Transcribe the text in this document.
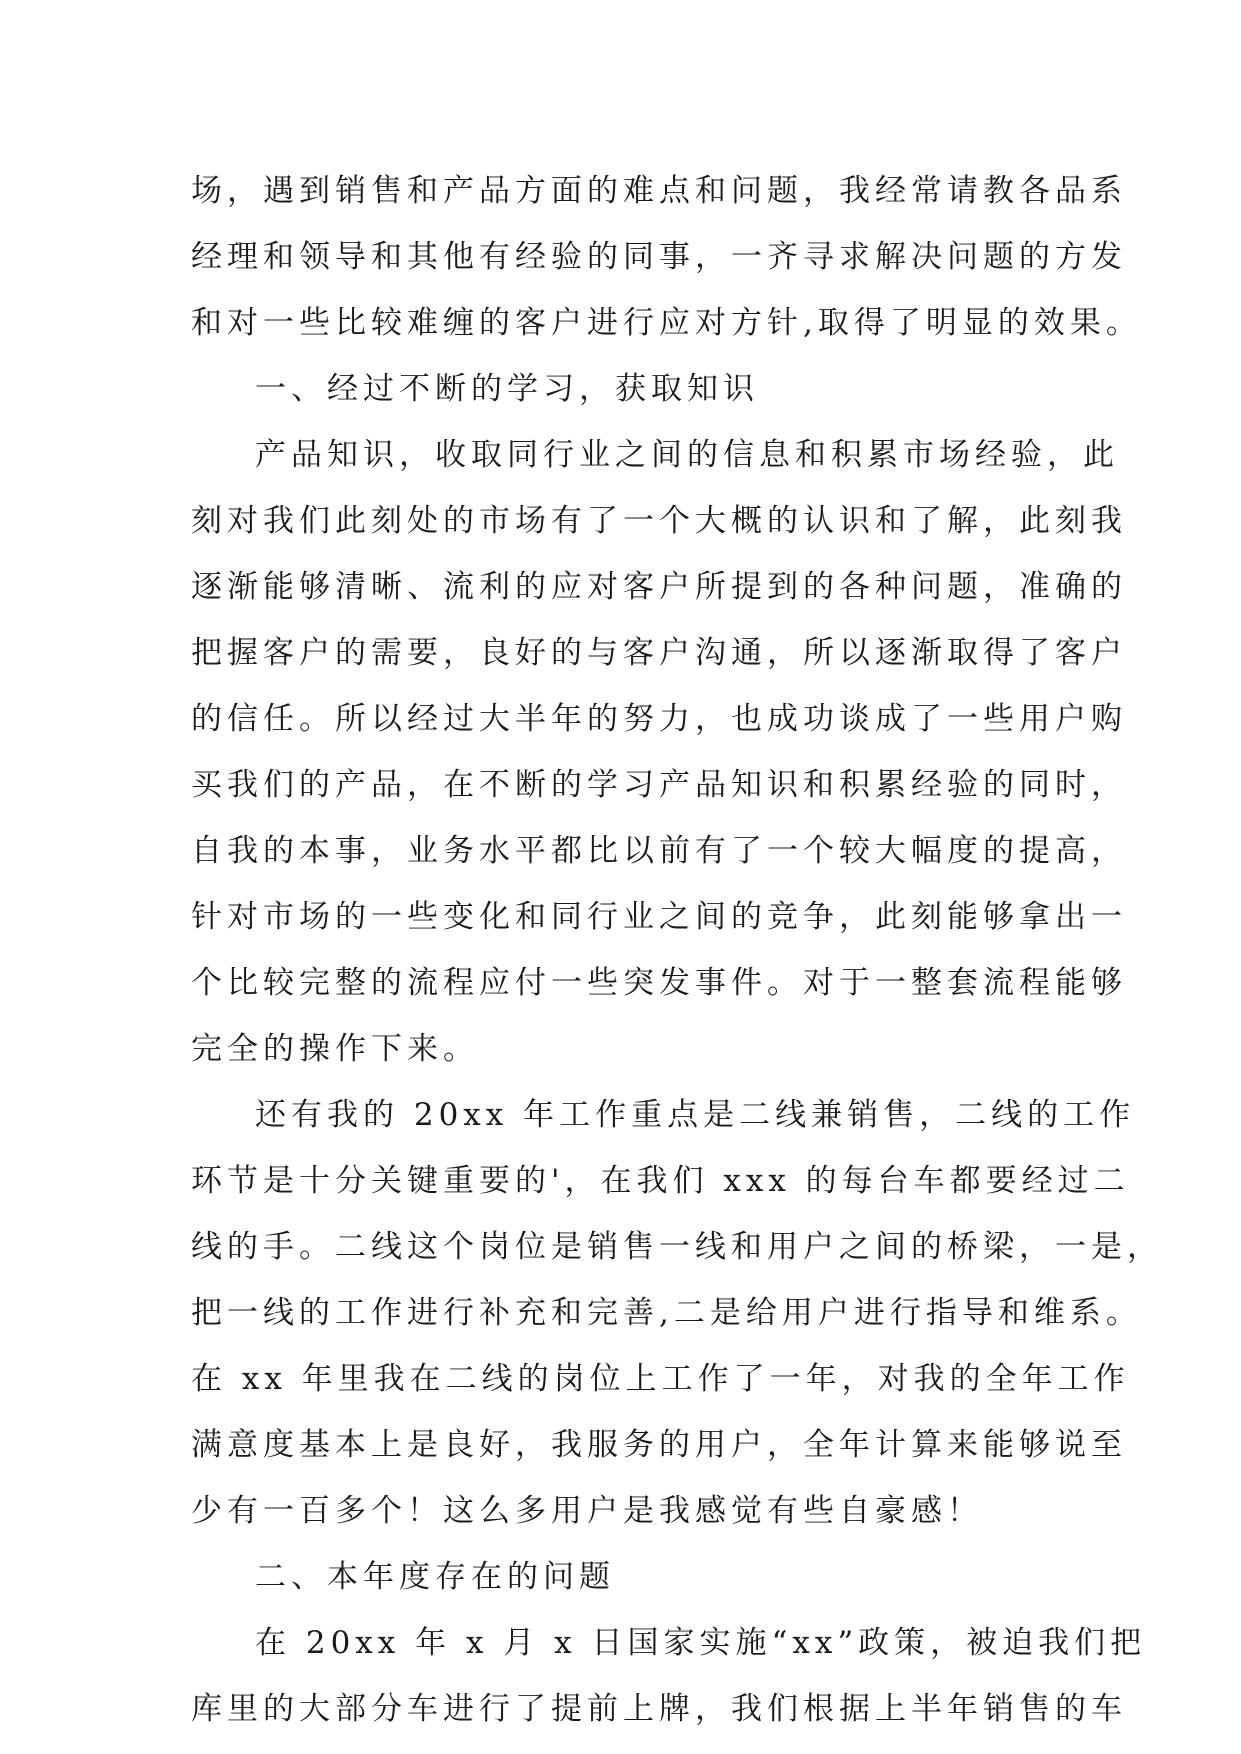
场，遇到销售和产品方面的难点和问题，我经常请教各品系
经理和领导和其他有经验的同事，一齐寻求解决问题的方发
和对一些比较难缠的客户进行应对方针,取得了明显的效果。
一、经过不断的学习，获取知识
产品知识，收取同行业之间的信息和积累市场经验，此
刻对我们此刻处的市场有了一个大概的认识和了解，此刻我
逐渐能够清晰、流利的应对客户所提到的各种问题，准确的
把握客户的需要，良好的与客户沟通，所以逐渐取得了客户
的信任。所以经过大半年的努力，也成功谈成了一些用户购
买我们的产品，在不断的学习产品知识和积累经验的同时，
自我的本事，业务水平都比以前有了一个较大幅度的提高，
针对市场的一些变化和同行业之间的竞争，此刻能够拿出一
个比较完整的流程应付一些突发事件。对于一整套流程能够
完全的操作下来。
还有我的 20xx 年工作重点是二线兼销售，二线的工作
环节是十分关键重要的'，在我们 xxx 的每台车都要经过二
线的手。二线这个岗位是销售一线和用户之间的桥梁，一是，
把一线的工作进行补充和完善,二是给用户进行指导和维系。
在 xx 年里我在二线的岗位上工作了一年，对我的全年工作
满意度基本上是良好，我服务的用户，全年计算来能够说至
少有一百多个！这么多用户是我感觉有些自豪感！
二、本年度存在的问题
在 20xx 年 x 月 x 日国家实施“xx”政策，被迫我们把
库里的大部分车进行了提前上牌，我们根据上半年销售的车
